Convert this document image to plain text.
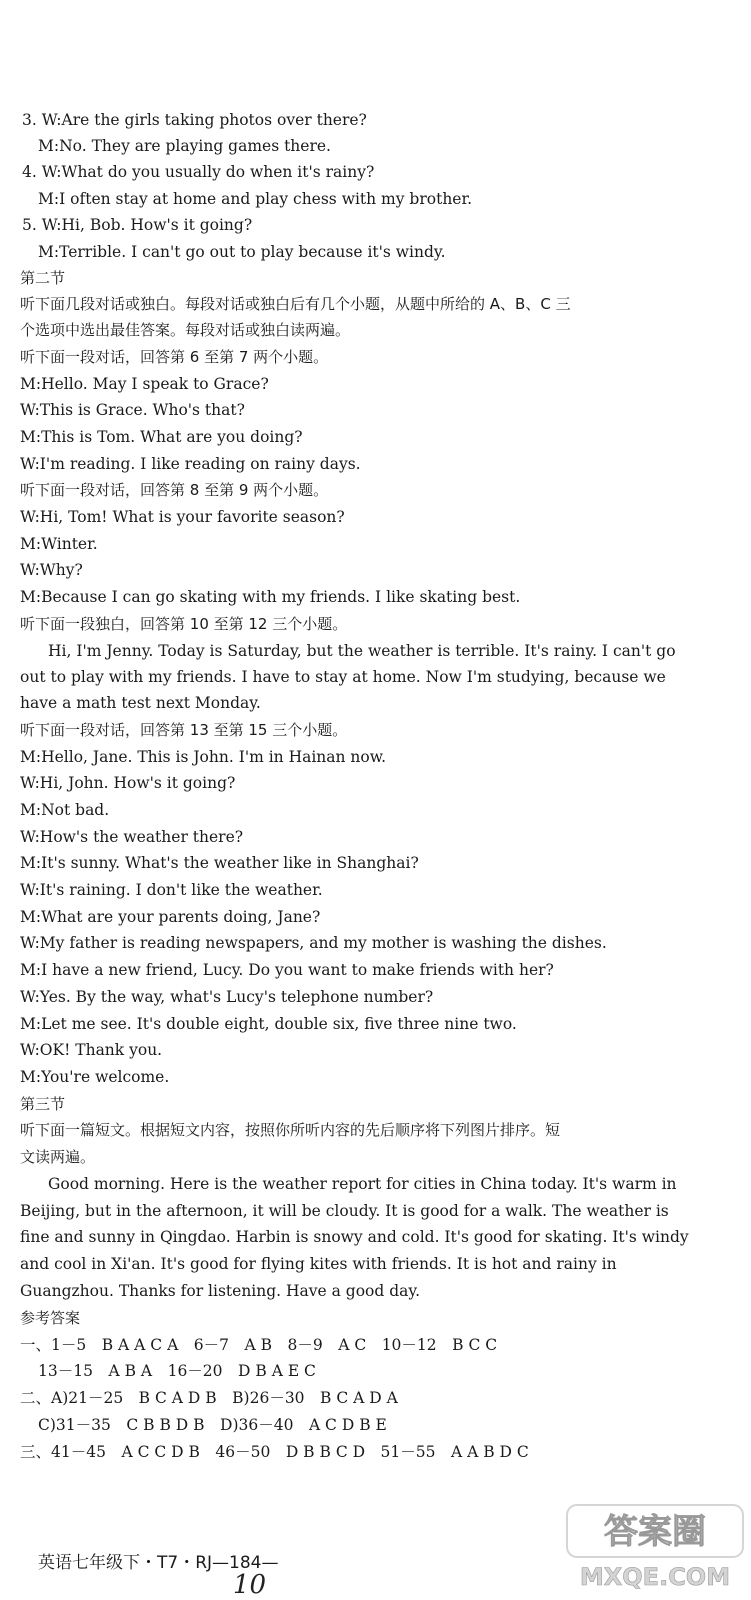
3. W:Are the girls taking photos over there?
M:No. They are playing games there.
4. W:What do you usually do when it's rainy?
M:I often stay at home and play chess with my brother.
5. W:Hi, Bob. How's it going?
M:Terrible. I can't go out to play because it's windy.
第二节
听下面几段对话或独白。每段对话或独白后有几个小题，从题中所给的 A、B、C 三
个选项中选出最佳答案。每段对话或独白读两遍。
听下面一段对话，回答第 6 至第 7 两个小题。
M:Hello. May I speak to Grace?
W:This is Grace. Who's that?
M:This is Tom. What are you doing?
W:I'm reading. I like reading on rainy days.
听下面一段对话，回答第 8 至第 9 两个小题。
W:Hi, Tom! What is your favorite season?
M:Winter.
W:Why?
M:Because I can go skating with my friends. I like skating best.
听下面一段独白，回答第 10 至第 12 三个小题。
Hi, I'm Jenny. Today is Saturday, but the weather is terrible. It's rainy. I can't go
out to play with my friends. I have to stay at home. Now I'm studying, because we
have a math test next Monday.
听下面一段对话，回答第 13 至第 15 三个小题。
M:Hello, Jane. This is John. I'm in Hainan now.
W:Hi, John. How's it going?
M:Not bad.
W:How's the weather there?
M:It's sunny. What's the weather like in Shanghai?
W:It's raining. I don't like the weather.
M:What are your parents doing, Jane?
W:My father is reading newspapers, and my mother is washing the dishes.
M:I have a new friend, Lucy. Do you want to make friends with her?
W:Yes. By the way, what's Lucy's telephone number?
M:Let me see. It's double eight, double six, five three nine two.
W:OK! Thank you.
M:You're welcome.
第三节
听下面一篇短文。根据短文内容，按照你所听内容的先后顺序将下列图片排序。短
文读两遍。
Good morning. Here is the weather report for cities in China today. It's warm in
Beijing, but in the afternoon, it will be cloudy. It is good for a walk. The weather is
fine and sunny in Qingdao. Harbin is snowy and cold. It's good for skating. It's windy
and cool in Xi'an. It's good for flying kites with friends. It is hot and rainy in
Guangzhou. Thanks for listening. Have a good day.
参考答案
一、1－5　B A A C A　6－7　A B　8－9　A C　10－12　B C C
13－15　A B A　16－20　D B A E C
二、A)21－25　B C A D B　B)26－30　B C A D A
C)31－35　C B B D B　D)36－40　A C D B E
三、41－45　A C C D B　46－50　D B B C D　51－55　A A B D C
英语七年级下・T7・RJ—184—
10
答案圈
MXQE.COM
